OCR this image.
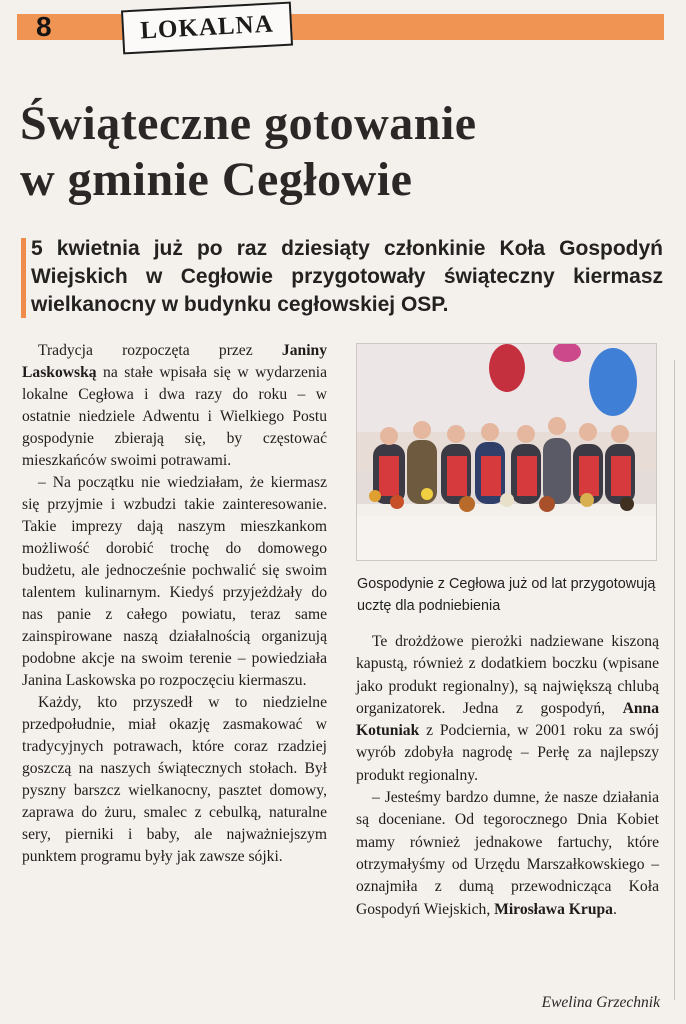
8	LOKALNA
Świąteczne gotowanie
w gminie Cegłowie

5 kwietnia już po raz dziesiąty członkinie Koła Gospodyń Wiejskich w Cegłowie przygotowały świąteczny kiermasz wielkanocny w budynku cegłowskiej OSP.

Tradycja rozpoczęta przez Janiny Laskowską na stałe wpisała się w wydarzenia lokalne Cegłowa i dwa razy do roku – w ostatnie niedziele Adwentu i Wielkiego Postu gospodynie zbierają się, by częstować mieszkańców swoimi potrawami.

– Na początku nie wiedziałam, że kiermasz się przyjmie i wzbudzi takie zainteresowanie. Takie imprezy dają naszym mieszkankom możliwość dorobić trochę do domowego budżetu, ale jednocześnie pochwalić się swoim talentem kulinarnym. Kiedyś przyjeżdżały do nas panie z całego powiatu, teraz same zainspirowane naszą działalnością organizują podobne akcje na swoim terenie – powiedziała Janina Laskowska po rozpoczęciu kiermaszu.

Każdy, kto przyszedł w to niedzielne przedpołudnie, miał okazję zasmakować w tradycyjnych potrawach, które coraz rzadziej goszczą na naszych świątecznych stołach. Był pyszny barszcz wielkanocny, pasztet domowy, zaprawa do żuru, smalec z cebulką, naturalne sery, pierniki i baby, ale najważniejszym punktem programu były jak zawsze sójki.

Gospodynie z Cegłowa już od lat przygotowują ucztę dla podniebienia

Te drożdżowe pierożki nadziewane kiszoną kapustą, również z dodatkiem boczku (wpisane jako produkt regionalny), są największą chlubą organizatorek. Jedna z gospodyń, Anna Kotuniak z Podciernia, w 2001 roku za swój wyrób zdobyła nagrodę – Perłę za najlepszy produkt regionalny.

– Jesteśmy bardzo dumne, że nasze działania są doceniane. Od tegorocznego Dnia Kobiet mamy również jednakowe fartuchy, które otrzymałyśmy od Urzędu Marszałkowskiego – oznajmiła z dumą przewodnicząca Koła Gospodyń Wiejskich, Mirosława Krupa.

Ewelina Grzechnik
